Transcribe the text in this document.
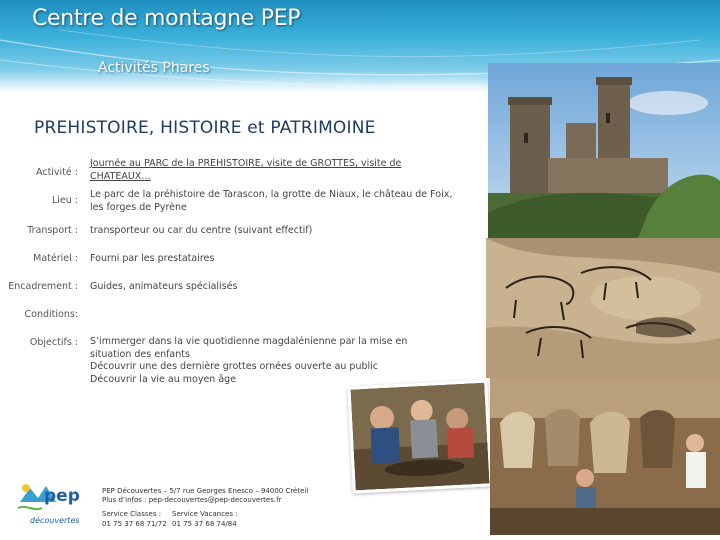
Centre de montagne PEP
Activités Phares
PREHISTOIRE, HISTOIRE et PATRIMOINE
Activité :
Journée au PARC de la PREHISTOIRE, visite de GROTTES, visite de CHATEAUX…
Lieu :
Le parc de la préhistoire de Tarascon, la grotte de Niaux, le château de Foix, les forges de Pyrène
Transport : transporteur ou car du centre (suivant effectif)
Matériel : Fourni par les prestataires
Encadrement : Guides, animateurs spécialisés
Conditions:
Objectifs : S’immerger dans la vie quotidienne magdalénienne par la mise en situation des enfants
Découvrir une des dernière grottes ornées ouverte au public
Découvrir la vie au moyen âge
pep
découvertes
PEP Découvertes – 5/7 rue Georges Enesco – 94000 Créteil
Plus d’infos : pep-decouvertes@pep-decouvertes.fr
Service Classes :
01 75 37 68 71/72
Service Vacances :
01 75 37 68 74/84
